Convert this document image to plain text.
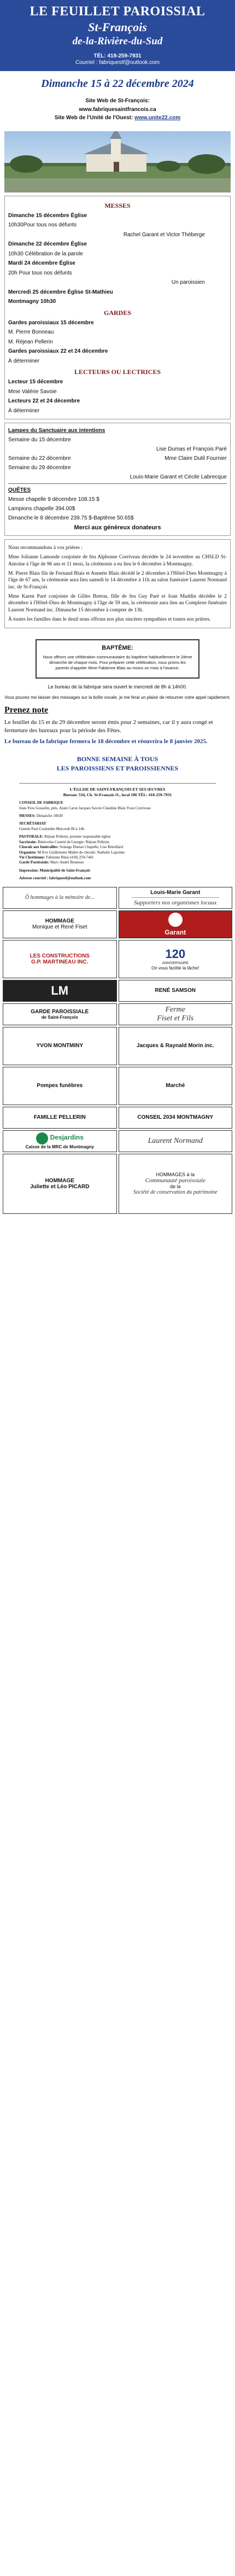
LE FEUILLET PAROISSIAL
St-François
de-la-Rivière-du-Sud
TÉL: 418-259-7931
Courriel : fabriquestf@outlook.com
Dimanche 15 à 22 décembre 2024
Site Web de St-François:
www.fabriquesaintfrancois.ca
Site Web de l'Unité de l'Ouest: www.unite22.com
MESSES
Dimanche 15 décembre Église
10h30Pour tous nos défunts
Rachel Garant et Victor Théberge
Dimanche 22 décembre Église
10h30 Célébration de la parole
Mardi 24 décembre Église
20h Pour tous nos défunts
Un paroissien
Mercredi 25 décembre Église St-Mathieu
Montmagny 10h30
GARDES
Gardes paroissiaux 15 décembre
M. Pierre Bonneau
M. Réjean Pellerin
Gardes paroissiaux 22 et 24 décembre
À déterminer
LECTEURS OU LECTRICES
Lecteur 15 décembre
Mme Valérie Savoie
Lecteurs 22 et 24 décembre
À déterminer
Lampes du Sanctuaire aux intentions
Semaine du 15 décembre
Lise Dumas et François Paré
Semaine du 22 décembre	Mme Claire Dutil Fournier
Semaine du 29 décembre
Louis-Marie Garant et Cécile Labrecque
QUÊTES
Messe chapelle 9 décembre 108.15 $
Lampions chapelle 394.00$
Dimanche le 8 décembre 239.75 $-Baptême 50.65$
Merci aux généreux donateurs

Nous recommandons à vos prières :

Mme Jolianne Lamonde conjointe de feu Alphonse Corriveau décédée le 24 novembre au CHSLD St-Antoine à l'âge de 96 ans et 11 mois, la cérémonie a eu lieu le 6 décembre à Montmagny.

M. Pierre Blais fils de Fernand Blais et Annette Blais décédé le 2 décembre à l'Hôtel-Dieu Montmagny à l'âge de 67 ans, la cérémonie aura lieu samedi le 14 décembre à 11h au salon funéraire Laurent Normand inc. de St-François

Mme Karen Paré conjointe de Gilles Breton, fille de feu Guy Paré et Joan Maddin décédée le 2 décembre à l'Hôtel-Dieu de Montmagny à l'âge de 59 ans, la cérémonie aura lieu au Complexe funéraire Laurent Normand inc. Dimanche 15 décembre à compter de 13h.

À toutes les familles dans le deuil nous offrons nos plus sincères sympathies et toutes nos prières.

BAPTÊME:

Nous offrons une célébration communautaire du baptême habituellement le 2ième dimanche de chaque mois. Pour préparer cette célébration, nous prions les parents d'appeler Mme Fabienne Blais au moins un mois à l'avance.

Le bureau de la fabrique sera ouvert le mercredi de 8h à 14h00.
Vous pouvez me laisser des messages sur la boîte vocale, je me ferai un plaisir de retourner votre appel rapidement.
Prenez note

Le feuillet du 15 et du 29 décembre seront émis pour 2 semaines, car il y aura congé et fermeture des bureaux pour la période des Fêtes.

Le bureau de la fabrique fermera le 18 décembre et réouvrira le 8 janvier 2025.

BONNE SEMAINE À TOUS
LES PAROISSIENS ET PAROISSIENNES
L'ÉGLISE DE SAINT-FRANÇOIS ET SES ŒUVRES
Bureau: 534, Ch. St-François O., local 106 TÉL: 418-259-7931
CONSEIL DE FABRIQUE
Jean-Yves Gosselin, prés. Alain Caron Jacques Savoie Claudine Blais Yvan Corriveau
MESSES: Dimanche 10h30
SECRÉTARIAT
Ginette Paré Coulombe Mercredi 8h à 14h
PASTORALE: Réjean Pellerin, premier responsable église
Sacristain: Bénévoles Comité de Liturgie: Réjean Pellerin
Chorale aux funérailles: Solange Dumas Chapelle, Lise Rémillard
Organiste: M-Eve Guillemette Maître de chorale: Nathalie Lapointe
Vie Chrétienne: Fabienne Blais (418) 259-7441
Garde Paroissiale: Marc-André Bonneau
Impression: Municipalité de Saint-François
Adresse courriel : fabriquestf@outlook.com
Ô hommages à la mémoire de...
Louis-Marie Garant
Supporters nos organismes locaux
HOMMAGE
Monique et René Fiset
Garant
LES CONSTRUCTIONS
G.P. MARTINEAU INC.
120
ANNIVERSAIRE
On vous facilite la tâche!
LM	RENÉ SAMSON
GARDE PAROISSIALE
de Saint-François
Ferme
Fiset et Fils
YVON MONTMINY	Jacques & Raynald Morin inc.
Pompes funèbres	Marché
FAMILLE PELLERIN	CONSEIL 2034 MONTMAGNY
Desjardins
Caisse de la MRC de Montmagny
Laurent Normand
HOMMAGE
Juliette et Léo PICARD
HOMMAGES à la
Communauté paroissiale
de la
Société de conservation du patrimoine
